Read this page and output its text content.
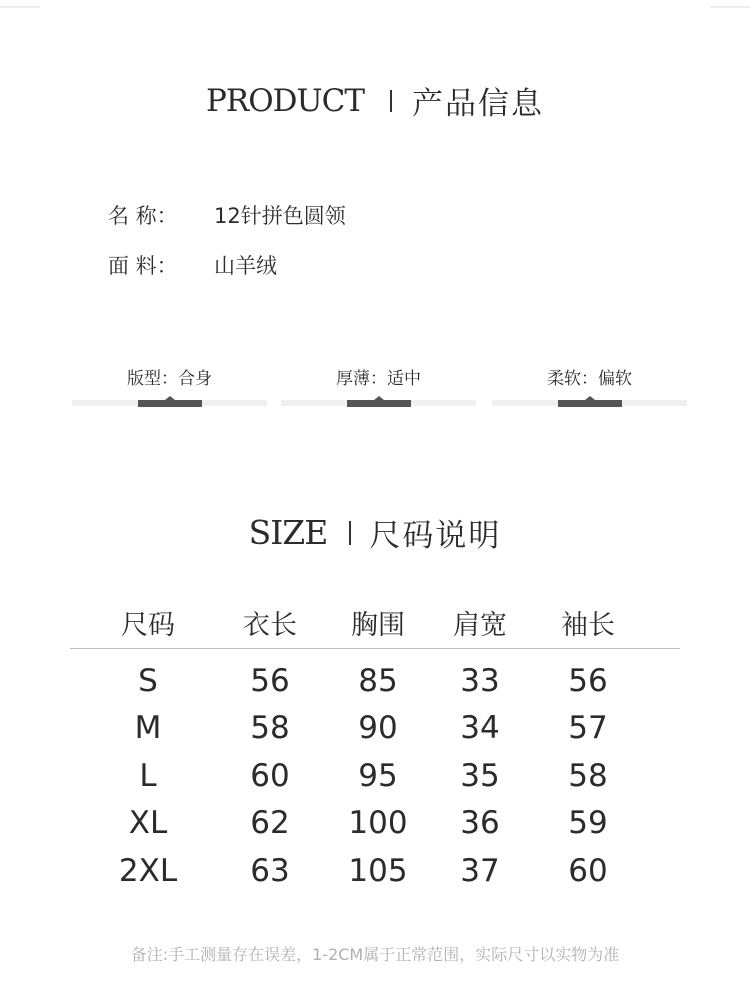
PRODUCT 产品信息
名 称：	12针拼色圆领
面 料：	山羊绒
版型：合身	厚薄：适中	柔软：偏软
SIZE 尺码说明
尺码	衣长	胸围	肩宽	袖长
S	56	85	33	56
M	58	90	34	57
L	60	95	35	58
XL	62	100	36	59
2XL	63	105	37	60
备注:手工测量存在误差，1-2CM属于正常范围，实际尺寸以实物为准
